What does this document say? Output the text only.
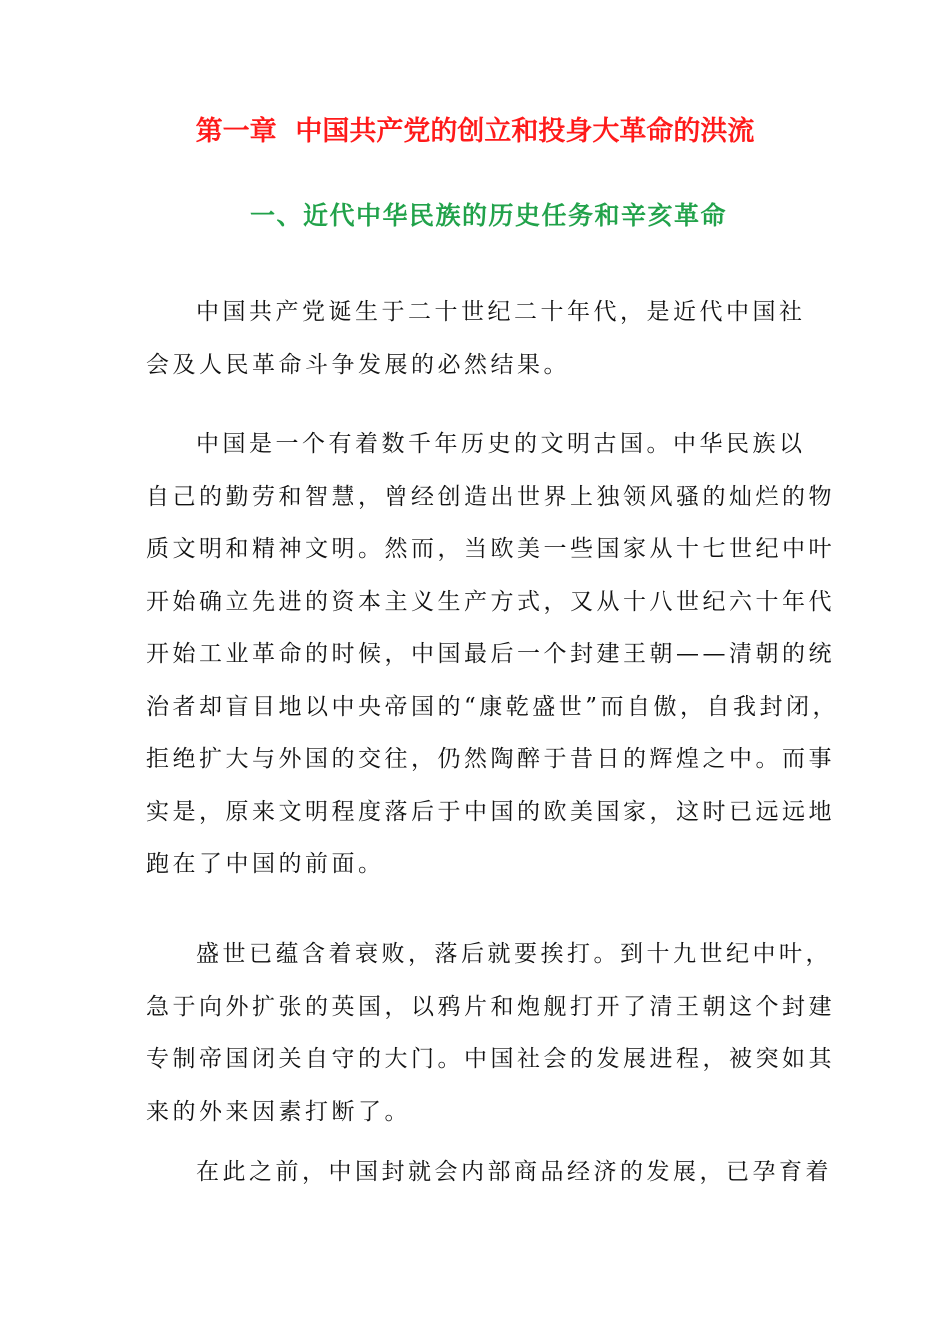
第一章  中国共产党的创立和投身大革命的洪流
一、近代中华民族的历史任务和辛亥革命
中国共产党诞生于二十世纪二十年代，是近代中国社
会及人民革命斗争发展的必然结果。
中国是一个有着数千年历史的文明古国。中华民族以
自己的勤劳和智慧，曾经创造出世界上独领风骚的灿烂的物
质文明和精神文明。然而，当欧美一些国家从十七世纪中叶
开始确立先进的资本主义生产方式，又从十八世纪六十年代
开始工业革命的时候，中国最后一个封建王朝——清朝的统
治者却盲目地以中央帝国的“康乾盛世”而自傲，自我封闭，
拒绝扩大与外国的交往，仍然陶醉于昔日的辉煌之中。而事
实是，原来文明程度落后于中国的欧美国家，这时已远远地
跑在了中国的前面。
盛世已蕴含着衰败，落后就要挨打。到十九世纪中叶，
急于向外扩张的英国，以鸦片和炮舰打开了清王朝这个封建
专制帝国闭关自守的大门。中国社会的发展进程，被突如其
来的外来因素打断了。
在此之前，中国封就会内部商品经济的发展，已孕育着
